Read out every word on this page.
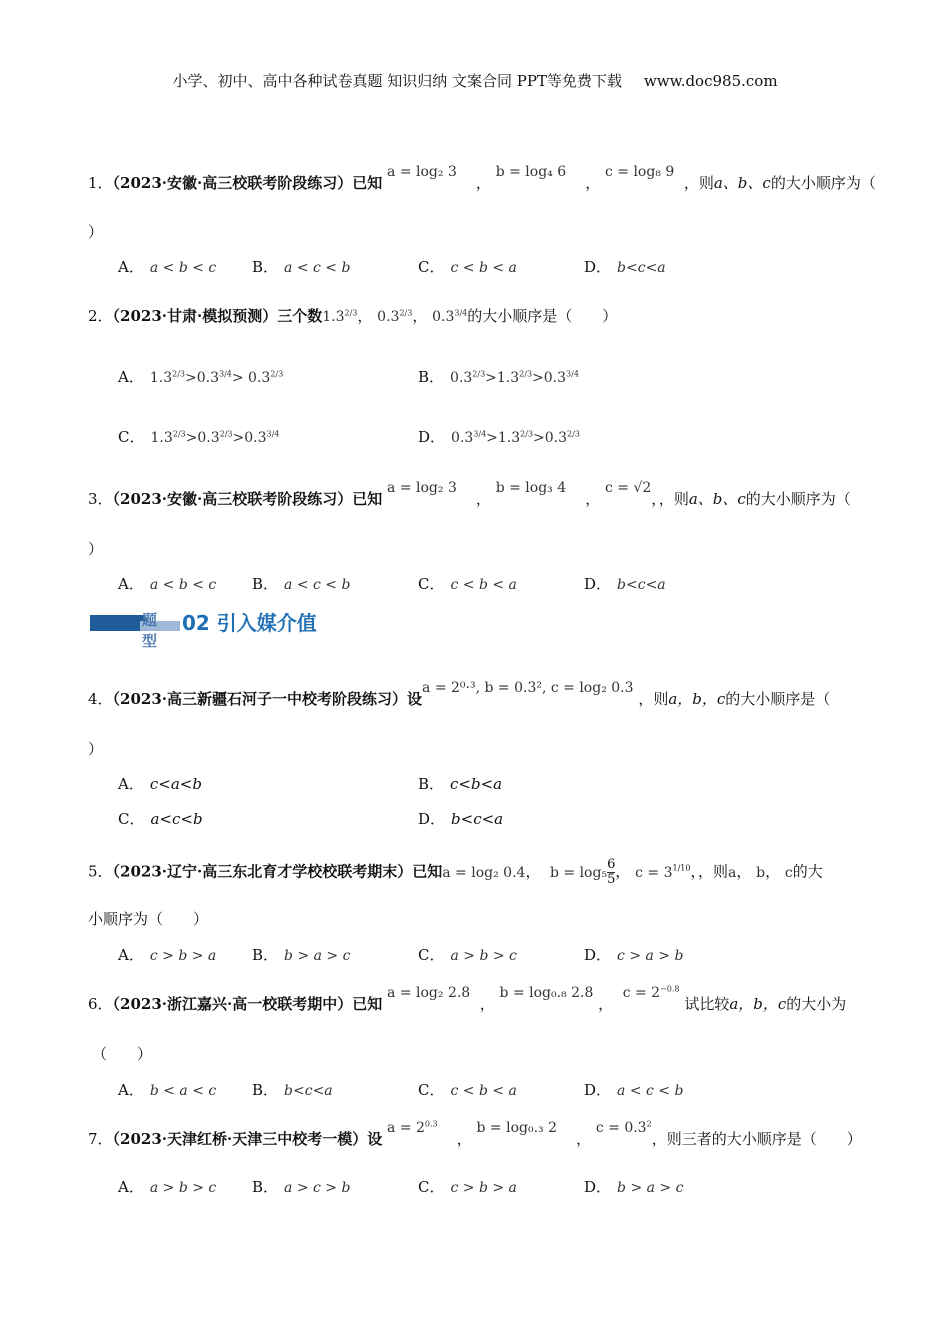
小学、初中、高中各种试卷真题 知识归纳 文案合同 PPT等免费下载 www.doc985.com
1．（2023·安徽·高三校联考阶段练习）已知 a = log₂ 3    ， b = log₄ 6    ， c = log₈ 9  ，则a、b、c的大小顺序为（
）
A． a < b < c B． a < c < b	C． c < b < a	D． b<c<a
2．（2023·甘肃·模拟预测）三个数$1.3^{2/3}$， $0.3^{2/3}$， $0.3^{3/4}$的大小顺序是（　　）
A． $1.3^{2/3}>0.3^{3/4}> 0.3^{2/3}$	B． $0.3^{2/3}>1.3^{2/3}>0.3^{3/4}$
C． $1.3^{2/3}>0.3^{2/3}>0.3^{3/4}$	D． $0.3^{3/4}>1.3^{2/3}>0.3^{2/3}$
3．（2023·安徽·高三校联考阶段练习）已知 a = log₂ 3    ， b = log₃ 4    ， c = √2，，则a、b、c的大小顺序为（
）
A． a < b < c B． a < c < b	C． c < b < a	D． b<c<a
题型
02 引入媒介值
4．（2023·高三新疆石河子一中校考阶段练习）设a = 2⁰·³, b = 0.3², c = log₂ 0.3 ，则a，b，c的大小顺序是（
）
A． c<a<b	B． c<b<a
C． a<c<b	D． b<c<a
5．（2023·辽宁·高三东北育才学校校联考期末）已知a = log₂ 0.4，  $b = \log_5 \frac{6}{5}$ ， $c = 3^{1/10}$，，则a， b， c的大
小顺序为（　　）
A． c > b > a B． b > a > c	C． a > b > c	D． c > a > b
6．（2023·浙江嘉兴·高一校联考期中）已知 a = log₂ 2.8  ， b = log₀.₈ 2.8 ，  $c = 2^{-0.8}$ 试比较a，b，c的大小为
（　　）
A． b < a < c B． b<c<a	C． c < b < a	D． a < c < b
7．（2023·天津红桥·天津三中校考一模）设 $a = 2^{0.3}$    ， b = log₀.₃ 2    ， $c = 0.3^2$，则三者的大小顺序是（　　）
A． a > b > c B． a > c > b	C． c > b > a	D． b > a > c
